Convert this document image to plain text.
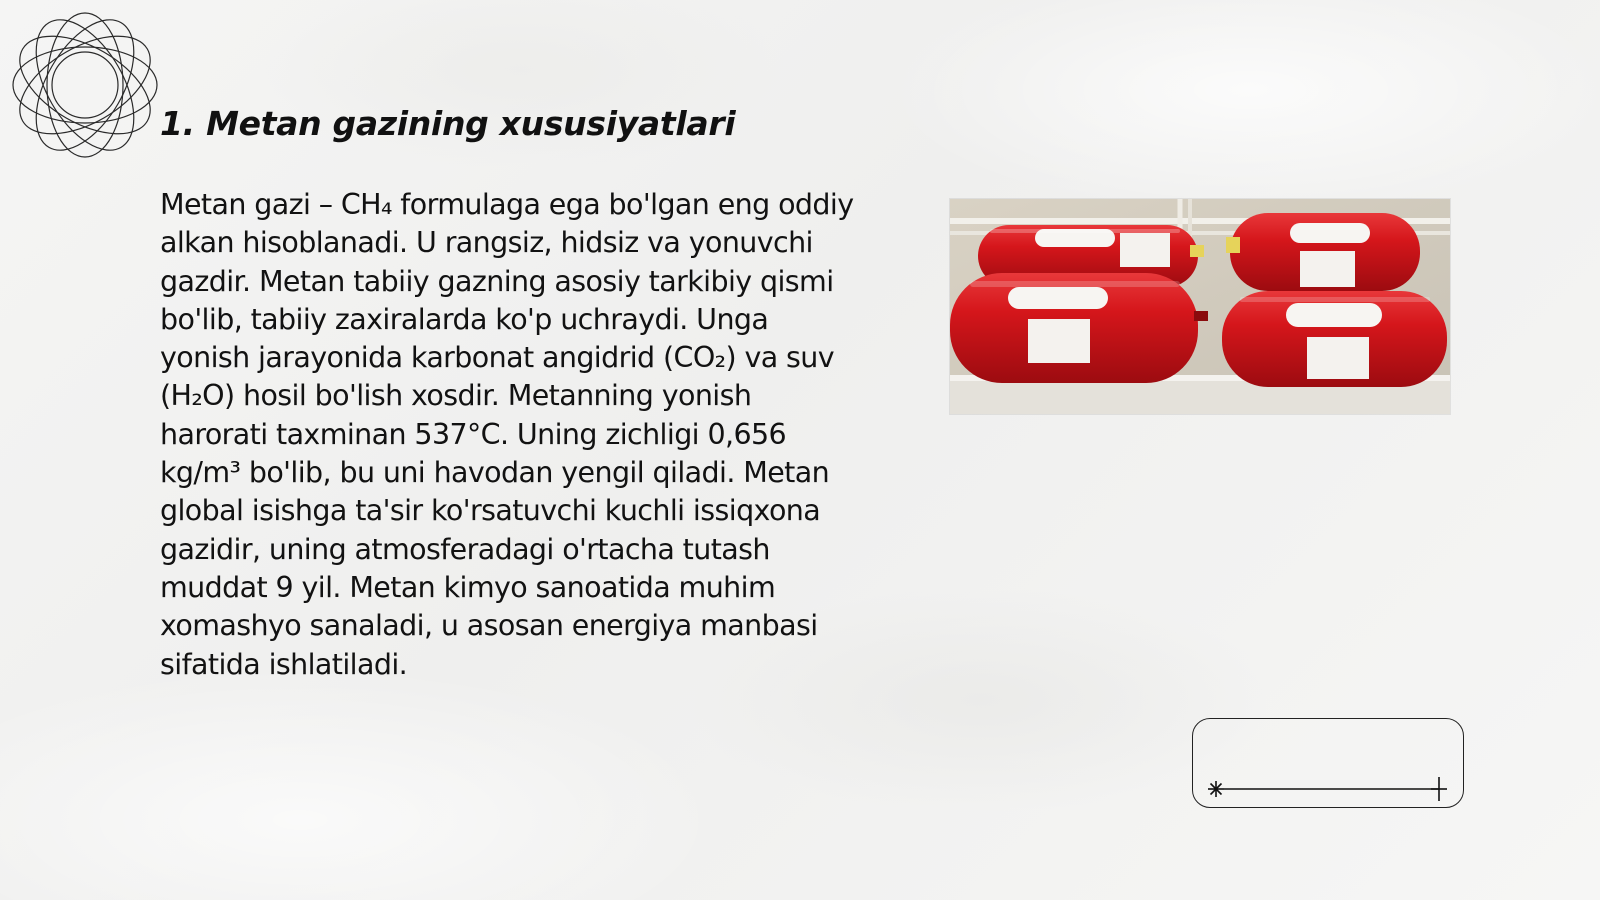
1. Metan gazining xususiyatlari

Metan gazi – CH₄ formulaga ega bo'lgan eng oddiy alkan hisoblanadi. U rangsiz, hidsiz va yonuvchi gazdir. Metan tabiiy gazning asosiy tarkibiy qismi bo'lib, tabiiy zaxiralarda ko'p uchraydi. Unga yonish jarayonida karbonat angidrid (CO₂) va suv (H₂O) hosil bo'lish xosdir. Metanning yonish harorati taxminan 537°C. Uning zichligi 0,656 kg/m³ bo'lib, bu uni havodan yengil qiladi. Metan global isishga ta'sir ko'rsatuvchi kuchli issiqxona gazidir, uning atmosferadagi o'rtacha tutash muddat 9 yil. Metan kimyo sanoatida muhim xomashyo sanaladi, u asosan energiya manbasi sifatida ishlatiladi.
